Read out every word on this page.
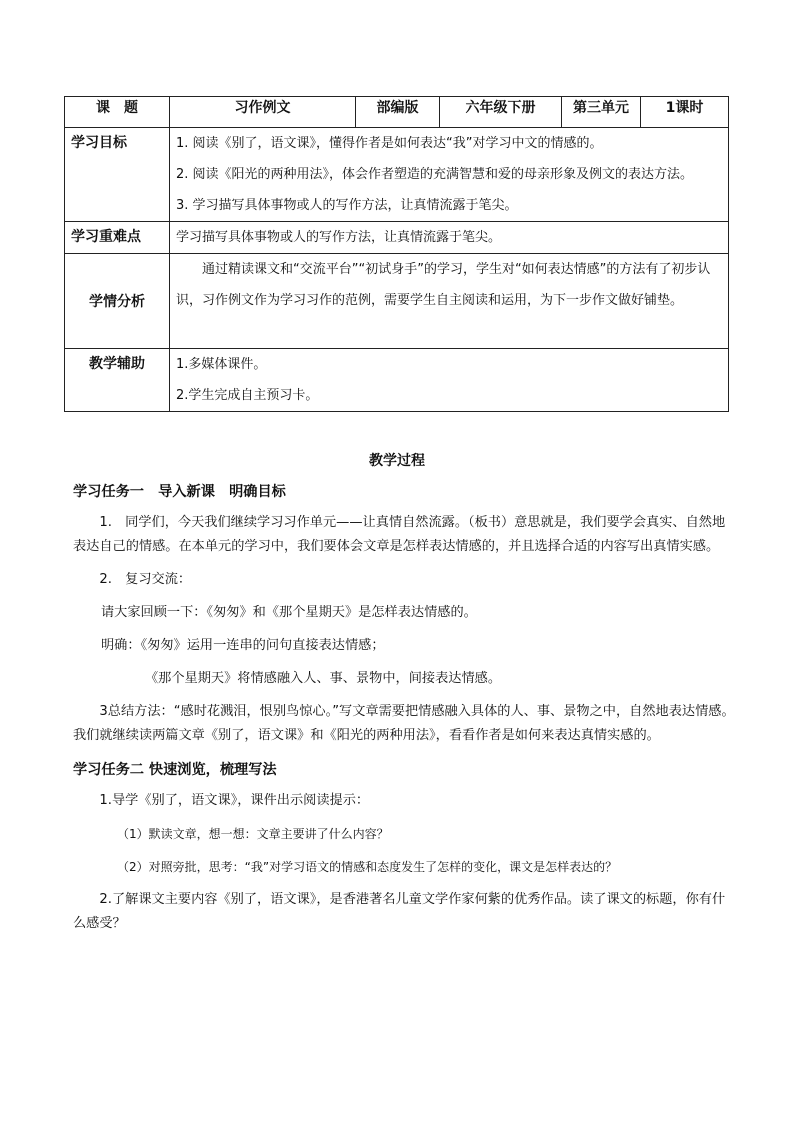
课　题	习作例文	部编版	六年级下册	第三单元	1课时
学习目标	1. 阅读《别了，语文课》，懂得作者是如何表达“我”对学习中文的情感的。
2. 阅读《阳光的两种用法》，体会作者塑造的充满智慧和爱的母亲形象及例文的表达方法。
3. 学习描写具体事物或人的写作方法，让真情流露于笔尖。				

学习重难点	学习描写具体事物或人的写作方法，让真情流露于笔尖。				
学情分析	通过精读课文和“交流平台”“初试身手”的学习，学生对“如何表达情感”的方法有了初步认识，习作例文作为学习习作的范例，需要学生自主阅读和运用，为下一步作文做好铺垫。				
教学辅助	1.多媒体课件。
2.学生完成自主预习卡。				
教学过程

学习任务一　导入新课　明确目标

1.　同学们，今天我们继续学习习作单元——让真情自然流露。（板书）意思就是，我们要学会真实、自然地表达自己的情感。在本单元的学习中，我们要体会文章是怎样表达情感的，并且选择合适的内容写出真情实感。

2.　复习交流：

请大家回顾一下：《匆匆》和《那个星期天》是怎样表达情感的。

明确：《匆匆》运用一连串的问句直接表达情感；

《那个星期天》将情感融入人、事、景物中，间接表达情感。

3总结方法：“感时花溅泪，恨别鸟惊心。”写文章需要把情感融入具体的人、事、景物之中，自然地表达情感。我们就继续读两篇文章《别了，语文课》和《阳光的两种用法》，看看作者是如何来表达真情实感的。

学习任务二 快速浏览，梳理写法

1.导学《别了，语文课》，课件出示阅读提示：

（1）默读文章，想一想：文章主要讲了什么内容？

（2）对照旁批，思考：“我”对学习语文的情感和态度发生了怎样的变化，课文是怎样表达的？

2.了解课文主要内容《别了，语文课》，是香港著名儿童文学作家何紫的优秀作品。读了课文的标题，你有什么感受？
